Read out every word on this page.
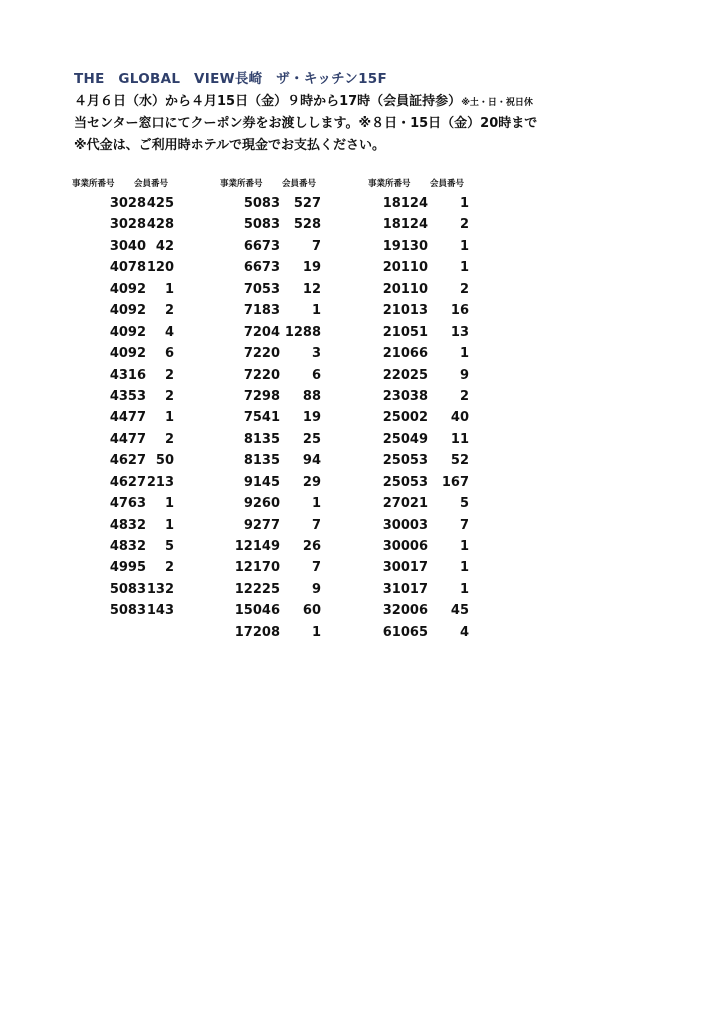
THE　GLOBAL　VIEW長崎　ザ・キッチン15F
４月６日（水）から４月15日（金）９時から17時（会員証持参）※土・日・祝日休
当センター窓口にてクーポン券をお渡しします。※８日・15日（金）20時まで
※代金は、ご利用時ホテルで現金でお支払ください。
事業所番号 会員番号
3028425
3028428
3040 42
4078120
4092 1
4092 2
4092 4
4092 6
4316 2
4353 2
4477 1
4477 2
4627 50
4627213
4763 1
4832 1
4832 5
4995 2
5083132
5083143
事業所番号 会員番号
5083 527
5083 528
6673 7
6673 19
7053 12
7183 1
7204 1288
7220 3
7220 6
7298 88
7541 19
8135 25
8135 94
9145 29
9260 1
9277 7
12149 26
12170 7
12225 9
15046 60
17208 1
事業所番号 会員番号
18124 1
18124 2
19130 1
20110 1
20110 2
21013 16
21051 13
21066 1
22025 9
23038 2
25002 40
25049 11
25053 52
25053 167
27021 5
30003 7
30006 1
30017 1
31017 1
32006 45
61065 4
